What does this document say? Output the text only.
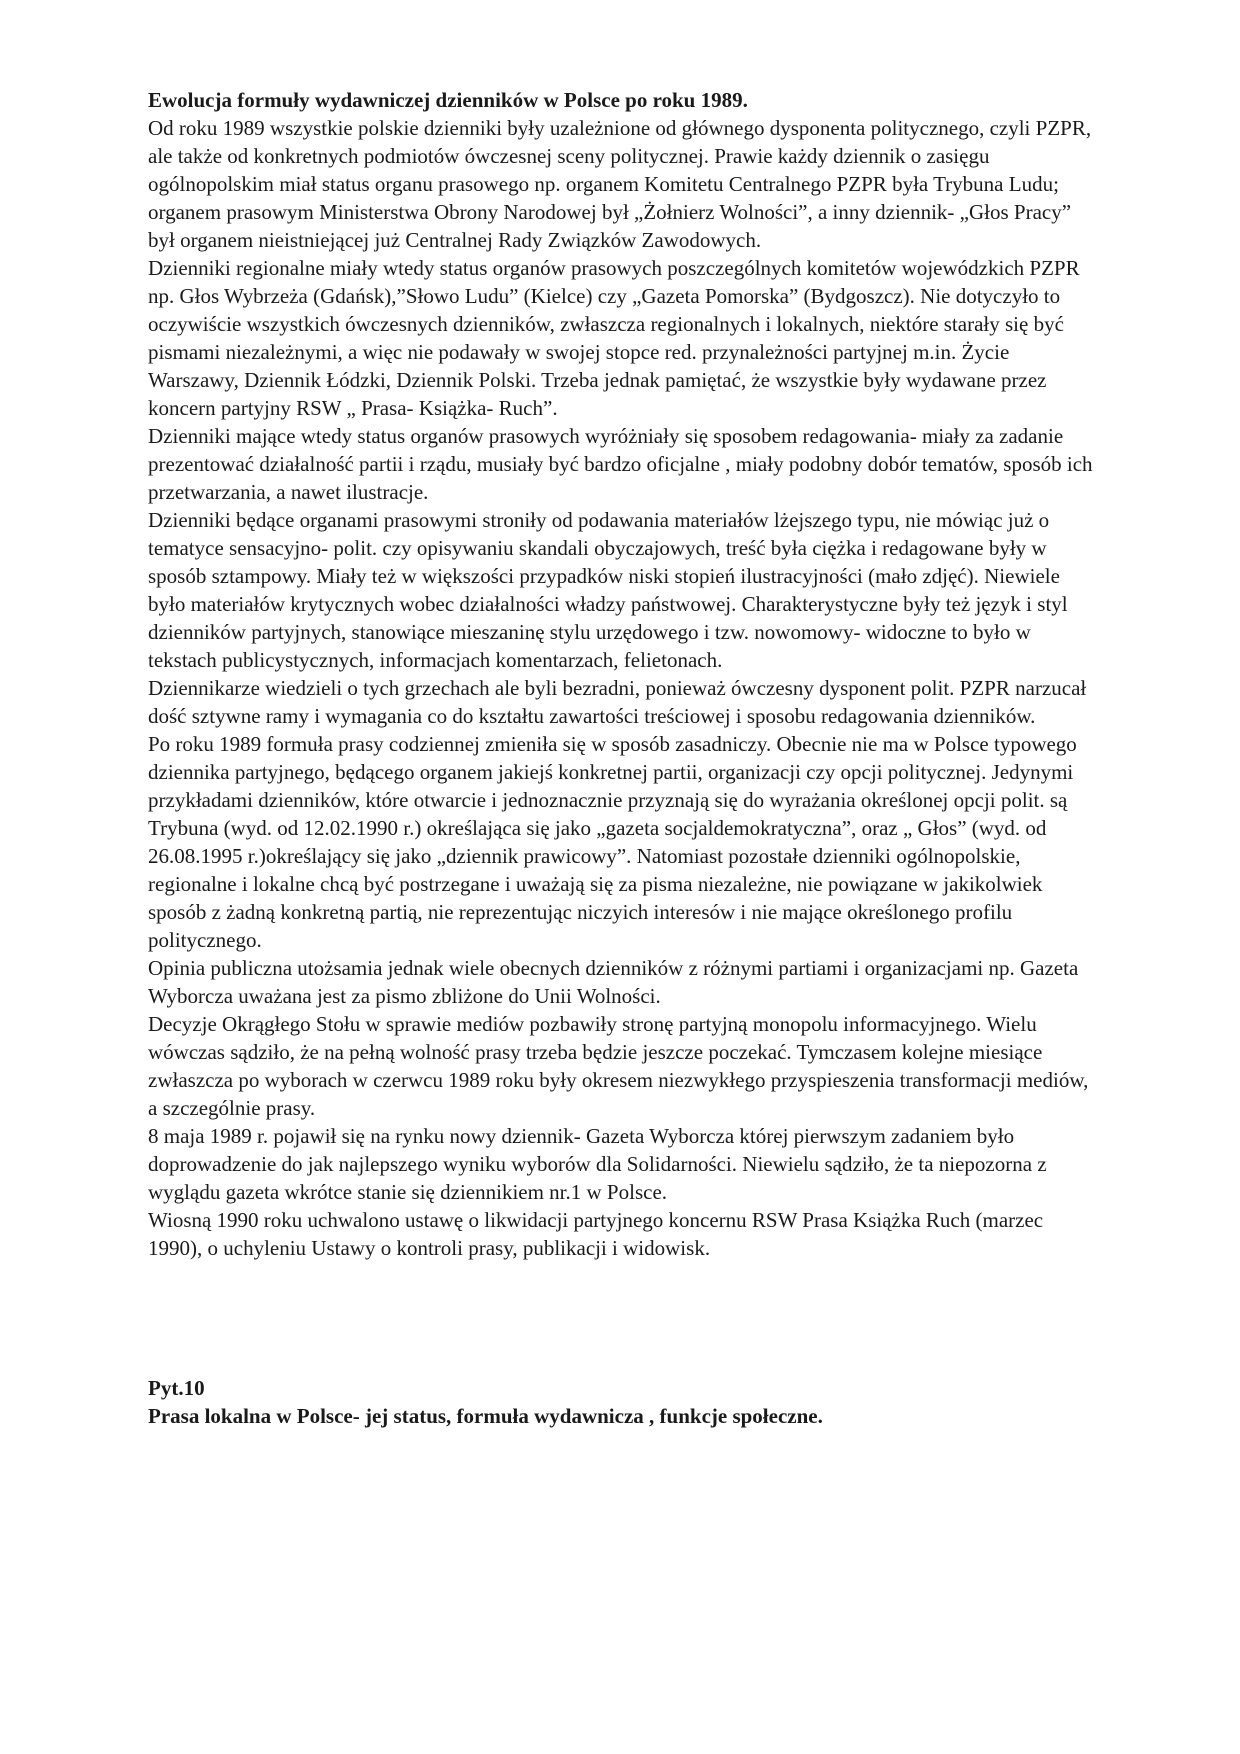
Ewolucja formuły wydawniczej dzienników w Polsce po roku 1989.

Od roku 1989 wszystkie polskie dzienniki były uzależnione od głównego dysponenta politycznego, czyli PZPR, ale także od konkretnych podmiotów ówczesnej sceny politycznej. Prawie każdy dziennik o zasięgu ogólnopolskim miał status organu prasowego np. organem Komitetu Centralnego PZPR była Trybuna Ludu; organem prasowym Ministerstwa Obrony Narodowej był „Żołnierz Wolności”, a inny dziennik- „Głos Pracy” był organem nieistniejącej już Centralnej Rady Związków Zawodowych.

Dzienniki regionalne miały wtedy status organów prasowych poszczególnych komitetów wojewódzkich PZPR np. Głos Wybrzeża (Gdańsk),”Słowo Ludu” (Kielce) czy „Gazeta Pomorska” (Bydgoszcz). Nie dotyczyło to oczywiście wszystkich ówczesnych dzienników, zwłaszcza regionalnych i lokalnych, niektóre starały się być pismami niezależnymi, a więc nie podawały w swojej stopce red. przynależności partyjnej m.in. Życie Warszawy, Dziennik Łódzki, Dziennik Polski. Trzeba jednak pamiętać, że wszystkie były wydawane przez koncern partyjny RSW „ Prasa- Książka- Ruch”.

Dzienniki mające wtedy status organów prasowych wyróżniały się sposobem redagowania- miały za zadanie prezentować działalność partii i rządu, musiały być bardzo oficjalne , miały podobny dobór tematów, sposób ich przetwarzania, a nawet ilustracje.

Dzienniki będące organami prasowymi stroniły od podawania materiałów lżejszego typu, nie mówiąc już o tematyce sensacyjno- polit. czy opisywaniu skandali obyczajowych, treść była ciężka i redagowane były w sposób sztampowy. Miały też w większości przypadków niski stopień ilustracyjności (mało zdjęć). Niewiele było materiałów krytycznych wobec działalności władzy państwowej. Charakterystyczne były też język i styl dzienników partyjnych, stanowiące mieszaninę stylu urzędowego i tzw. nowomowy- widoczne to było w tekstach publicystycznych, informacjach komentarzach, felietonach.

Dziennikarze wiedzieli o tych grzechach ale byli bezradni, ponieważ ówczesny dysponent polit. PZPR narzucał dość sztywne ramy i wymagania co do kształtu zawartości treściowej i sposobu redagowania dzienników.

Po roku 1989 formuła prasy codziennej zmieniła się w sposób zasadniczy. Obecnie nie ma w Polsce typowego dziennika partyjnego, będącego organem jakiejś konkretnej partii, organizacji czy opcji politycznej. Jedynymi przykładami dzienników, które otwarcie i jednoznacznie przyznają się do wyrażania określonej opcji polit. są Trybuna (wyd. od 12.02.1990 r.) określająca się jako „gazeta socjaldemokratyczna”, oraz „ Głos” (wyd. od 26.08.1995 r.)określający się jako „dziennik prawicowy”. Natomiast pozostałe dzienniki ogólnopolskie, regionalne i lokalne chcą być postrzegane i uważają się za pisma niezależne, nie powiązane w jakikolwiek sposób z żadną konkretną partią, nie reprezentując niczyich interesów i nie mające określonego profilu politycznego.

Opinia publiczna utożsamia jednak wiele obecnych dzienników z różnymi partiami i organizacjami np. Gazeta Wyborcza uważana jest za pismo zbliżone do Unii Wolności.

Decyzje Okrągłego Stołu w sprawie mediów pozbawiły stronę partyjną monopolu informacyjnego. Wielu wówczas sądziło, że na pełną wolność prasy trzeba będzie jeszcze poczekać. Tymczasem kolejne miesiące zwłaszcza po wyborach w czerwcu 1989 roku były okresem niezwykłego przyspieszenia transformacji mediów, a szczególnie prasy.

8 maja 1989 r. pojawił się na rynku nowy dziennik- Gazeta Wyborcza której pierwszym zadaniem było doprowadzenie do jak najlepszego wyniku wyborów dla Solidarności. Niewielu sądziło, że ta niepozorna z wyglądu gazeta wkrótce stanie się dziennikiem nr.1 w Polsce.

Wiosną 1990 roku uchwalono ustawę o likwidacji partyjnego koncernu RSW Prasa Książka Ruch (marzec 1990), o uchyleniu Ustawy o kontroli prasy, publikacji i widowisk.

Pyt.10

Prasa lokalna w Polsce- jej status, formuła wydawnicza , funkcje społeczne.
